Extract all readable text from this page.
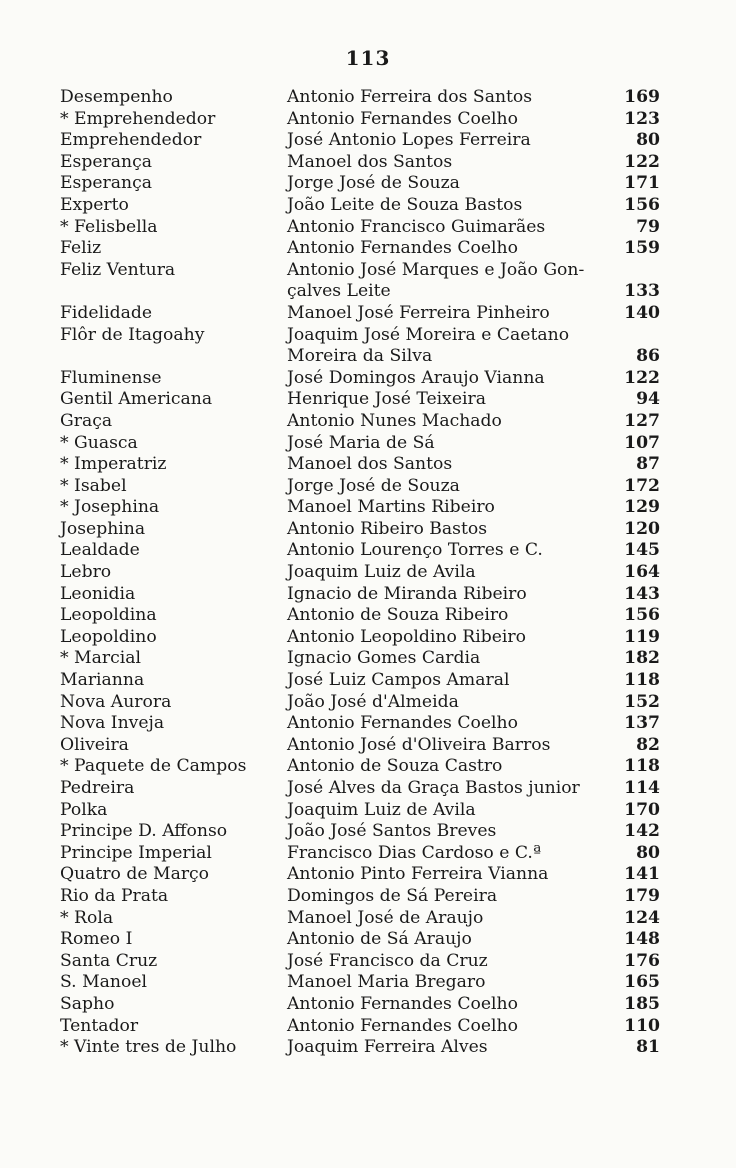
113
Desempenho	Antonio Ferreira dos Santos	169
* Emprehendedor	Antonio Fernandes Coelho	123
Emprehendedor	José Antonio Lopes Ferreira	80
Esperança	Manoel dos Santos	122
Esperança	Jorge José de Souza	171
Experto	João Leite de Souza Bastos	156
* Felisbella	Antonio Francisco Guimarães	79
Feliz	Antonio Fernandes Coelho	159
Feliz Ventura	Antonio José Marques e João Gon-
çalves Leite	133
Fidelidade	Manoel José Ferreira Pinheiro	140
Flôr de Itagoahy	Joaquim José Moreira e Caetano
Moreira da Silva	86
Fluminense	José Domingos Araujo Vianna	122
Gentil Americana	Henrique José Teixeira	94
Graça	Antonio Nunes Machado	127
* Guasca	José Maria de Sá	107
* Imperatriz	Manoel dos Santos	87
* Isabel	Jorge José de Souza	172
* Josephina	Manoel Martins Ribeiro	129
Josephina	Antonio Ribeiro Bastos	120
Lealdade	Antonio Lourenço Torres e C.	145
Lebro	Joaquim Luiz de Avila	164
Leonidia	Ignacio de Miranda Ribeiro	143
Leopoldina	Antonio de Souza Ribeiro	156
Leopoldino	Antonio Leopoldino Ribeiro	119
* Marcial	Ignacio Gomes Cardia	182
Marianna	José Luiz Campos Amaral	118
Nova Aurora	João José d'Almeida	152
Nova Inveja	Antonio Fernandes Coelho	137
Oliveira	Antonio José d'Oliveira Barros	82
* Paquete de Campos	Antonio de Souza Castro	118
Pedreira	José Alves da Graça Bastos junior	114
Polka	Joaquim Luiz de Avila	170
Principe D. Affonso	João José Santos Breves	142
Principe Imperial	Francisco Dias Cardoso e C.ª	80
Quatro de Março	Antonio Pinto Ferreira Vianna	141
Rio da Prata	Domingos de Sá Pereira	179
* Rola	Manoel José de Araujo	124
Romeo I	Antonio de Sá Araujo	148
Santa Cruz	José Francisco da Cruz	176
S. Manoel	Manoel Maria Bregaro	165
Sapho	Antonio Fernandes Coelho	185
Tentador	Antonio Fernandes Coelho	110
* Vinte tres de Julho	Joaquim Ferreira Alves	81
